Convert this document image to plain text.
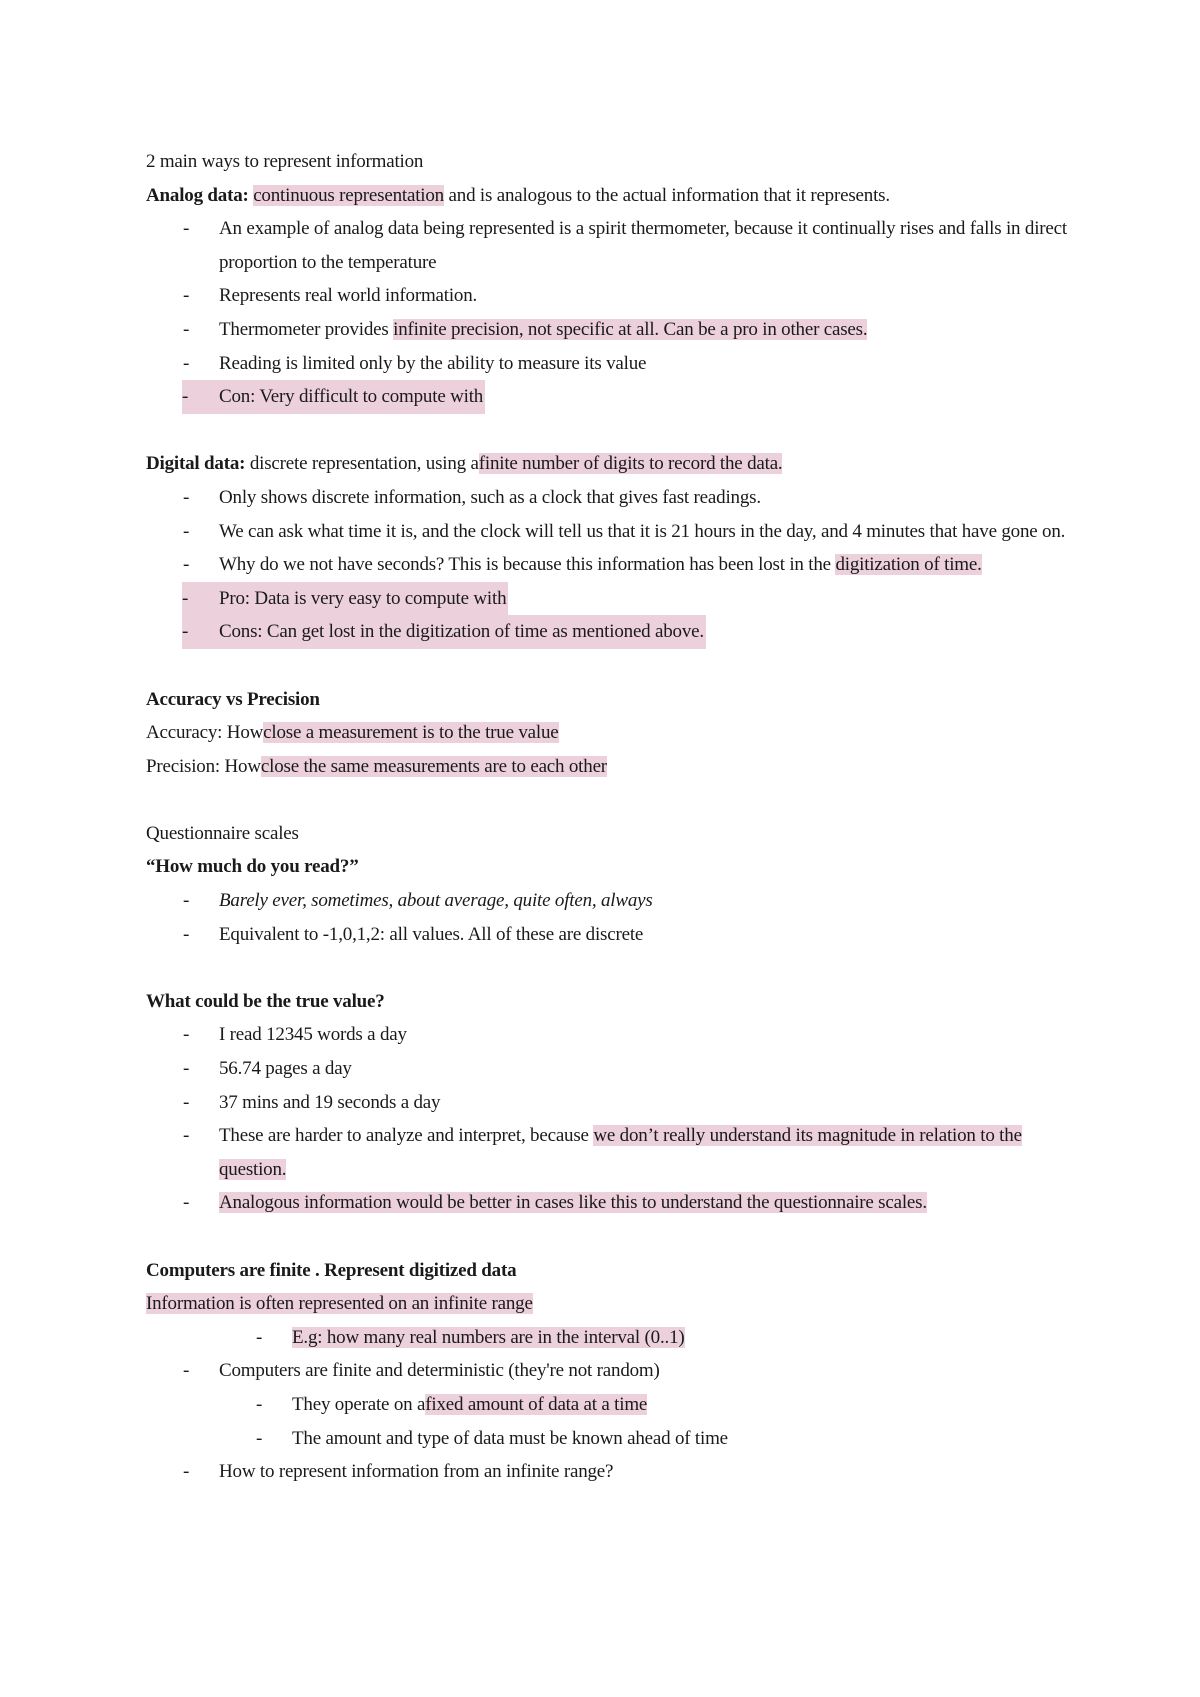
2 main ways to represent information
Analog data: continuous representation and is analogous to the actual information that it represents.
- An example of analog data being represented is a spirit thermometer, because it continually rises and falls in direct proportion to the temperature
- Represents real world information.
- Thermometer provides infinite precision, not specific at all. Can be a pro in other cases.
- Reading is limited only by the ability to measure its value
- Con: Very difficult to compute with
Digital data: discrete representation, using afinite number of digits to record the data.
- Only shows discrete information, such as a clock that gives fast readings.
- We can ask what time it is, and the clock will tell us that it is 21 hours in the day, and 4 minutes that have gone on.
- Why do we not have seconds? This is because this information has been lost in the digitization of time.
- Pro: Data is very easy to compute with
- Cons: Can get lost in the digitization of time as mentioned above.
Accuracy vs Precision
Accuracy: Howclose a measurement is to the true value
Precision: Howclose the same measurements are to each other
Questionnaire scales
“How much do you read?”
- Barely ever, sometimes, about average, quite often, always
- Equivalent to -1,0,1,2: all values. All of these are discrete
What could be the true value?
- I read 12345 words a day
- 56.74 pages a day
- 37 mins and 19 seconds a day
- These are harder to analyze and interpret, because we don’t really understand its magnitude in relation to the question.
- Analogous information would be better in cases like this to understand the questionnaire scales.
Computers are finite . Represent digitized data
Information is often represented on an infinite range
- E.g: how many real numbers are in the interval (0..1)
- Computers are finite and deterministic (they're not random)
- They operate on afixed amount of data at a time
- The amount and type of data must be known ahead of time
- How to represent information from an infinite range?
